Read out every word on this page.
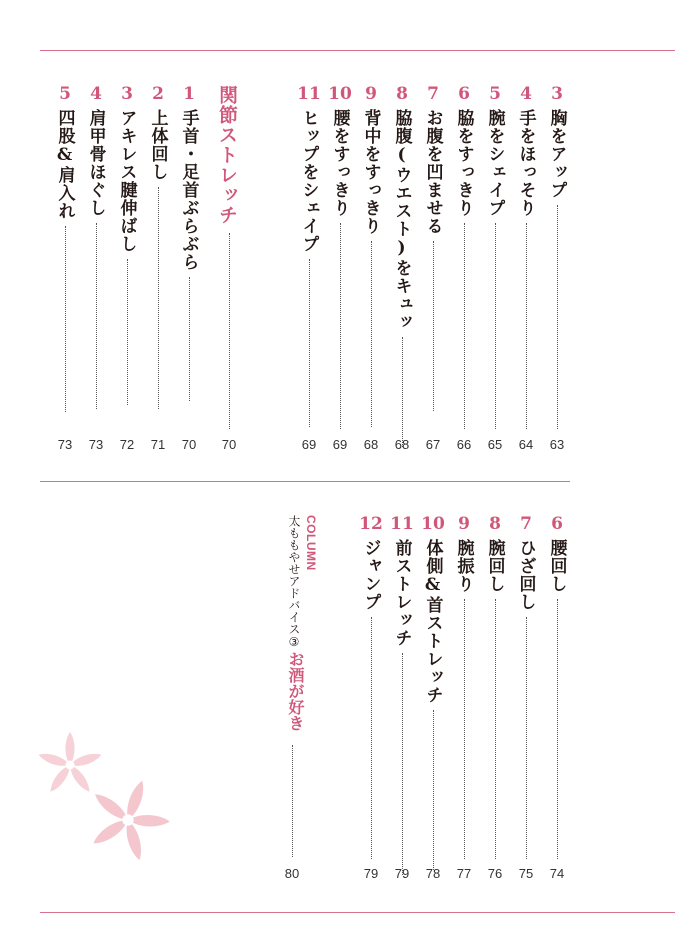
3
胸をアップ
63
4
手をほっそり
64
5
腕をシェイプ
65
6
脇をすっきり
66
7
お腹を凹ませる
67
8
脇腹(ウエスト)をキュッ
68
9
背中をすっきり
68
10
腰をすっきり
69
11
ヒップをシェイプ
69
関節ストレッチ
70
1
手首・足首ぶらぶら
70
2
上体回し
71
3
アキレス腱伸ばし
72
4
肩甲骨ほぐし
73
5
四股&肩入れ
73
6
腰回し
74
7
ひざ回し
75
8
腕回し
76
9
腕振り
77
10
体側&首ストレッチ
78
11
前ストレッチ
79
12
ジャンプ
79
COLUMN
太ももやせアドバイス③
お酒が好き
80
